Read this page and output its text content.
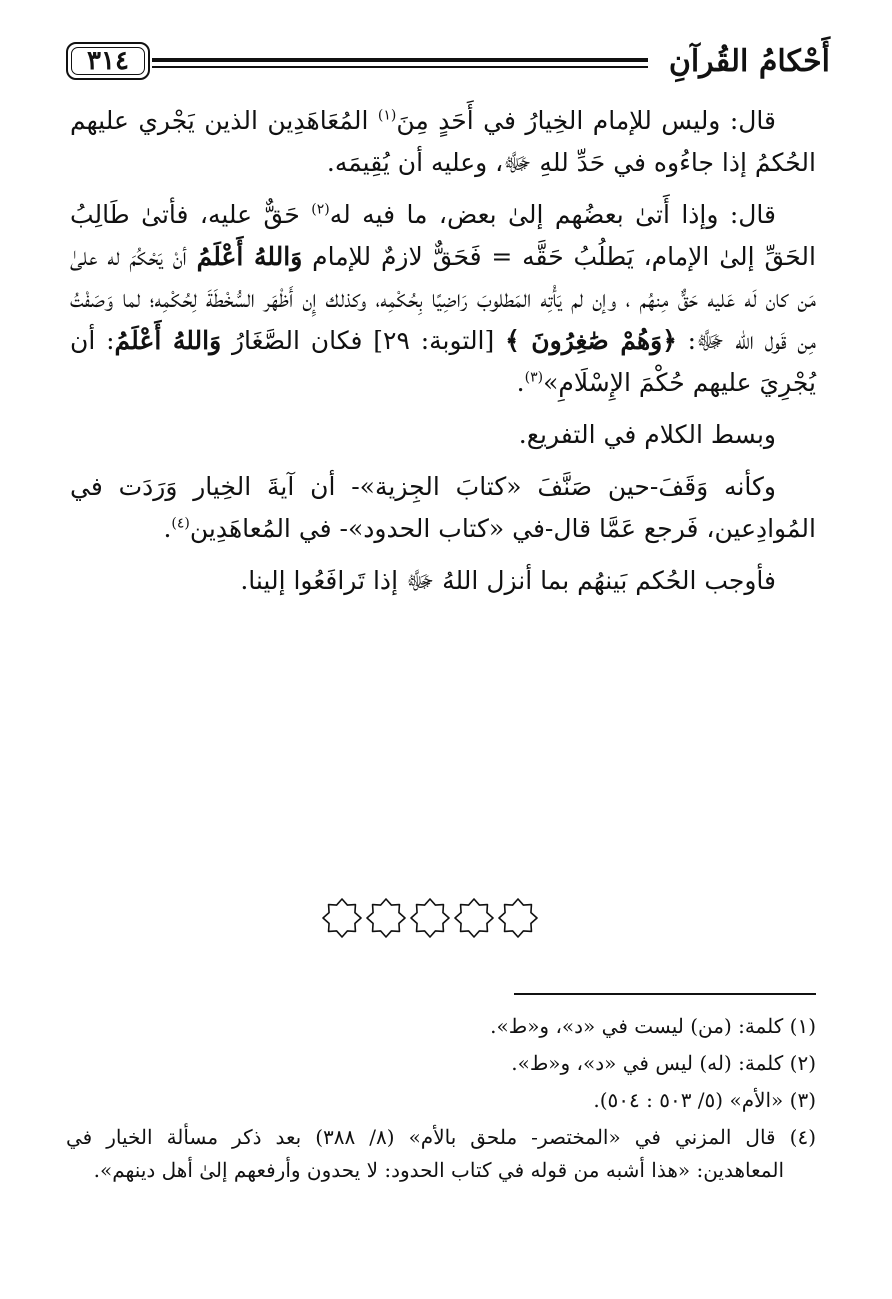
أَحْكامُ القُرآنِ
٣١٤

قال: وليس للإمام الخِيارُ في أَحَدٍ مِنَ$^{(١)}$ المُعَاهَدِين الذين يَجْري عليهم الحُكمُ إذا جاءُوه في حَدِّ للهِ ﷻ، وعليه أن يُقِيمَه.

قال: وإذا أَتىٰ بعضُهم إلىٰ بعض، ما فيه له$^{(٢)}$ حَقٌّ عليه، فأتىٰ طَالِبُ الحَقِّ إلىٰ الإمام، يَطلُبُ حَقَّه = فَحَقٌّ لازمٌ للإمام وَاللهُ أَعْلَمُ أنْ يَحْكُمَ له علىٰ مَن كان لَه عَليه حَقٌّ مِنهُم ، وإن لم يَأْتِه المَطلوبَ رَاضِيًا بِحُكْمِه، وكذلك إِن أَظْهَر السُّخْطَةَ لِحُكْمِه؛ لما وَصَفْتُ مِن قَول الله ﷻ: ﴿وَهُمْ صَٰغِرُونَ ﴾ [التوبة: ٢٩] فكان الصَّغَارُ وَاللهُ أَعْلَمُ: أن يُجْرِيَ عليهم حُكْمَ الإِسْلَامِ»$^{(٣)}$.

وبسط الكلام في التفريع.

وكأنه وَقَفَ-حين صَنَّفَ «كتابَ الجِزية»- أن آيةَ الخِيار وَرَدَت في المُوادِعين، فَرجع عَمَّا قال-في «كتاب الحدود»- في المُعاهَدِين$^{(٤)}$.

فأوجب الحُكم بَينهُم بما أنزل اللهُ ﷻ إذا تَرافَعُوا إلينا.

(١) كلمة: (من) ليست في «د»، و«ط».

(٢) كلمة: (له) ليس في «د»، و«ط».

(٣) «الأم» (٥/ ٥٠٣ : ٥٠٤).

(٤) قال المزني في «المختصر- ملحق بالأم» (٨/ ٣٨٨) بعد ذكر مسألة الخيار في المعاهدين: «هذا أشبه من قوله في كتاب الحدود: لا يحدون وأرفعهم إلىٰ أهل دينهم».
